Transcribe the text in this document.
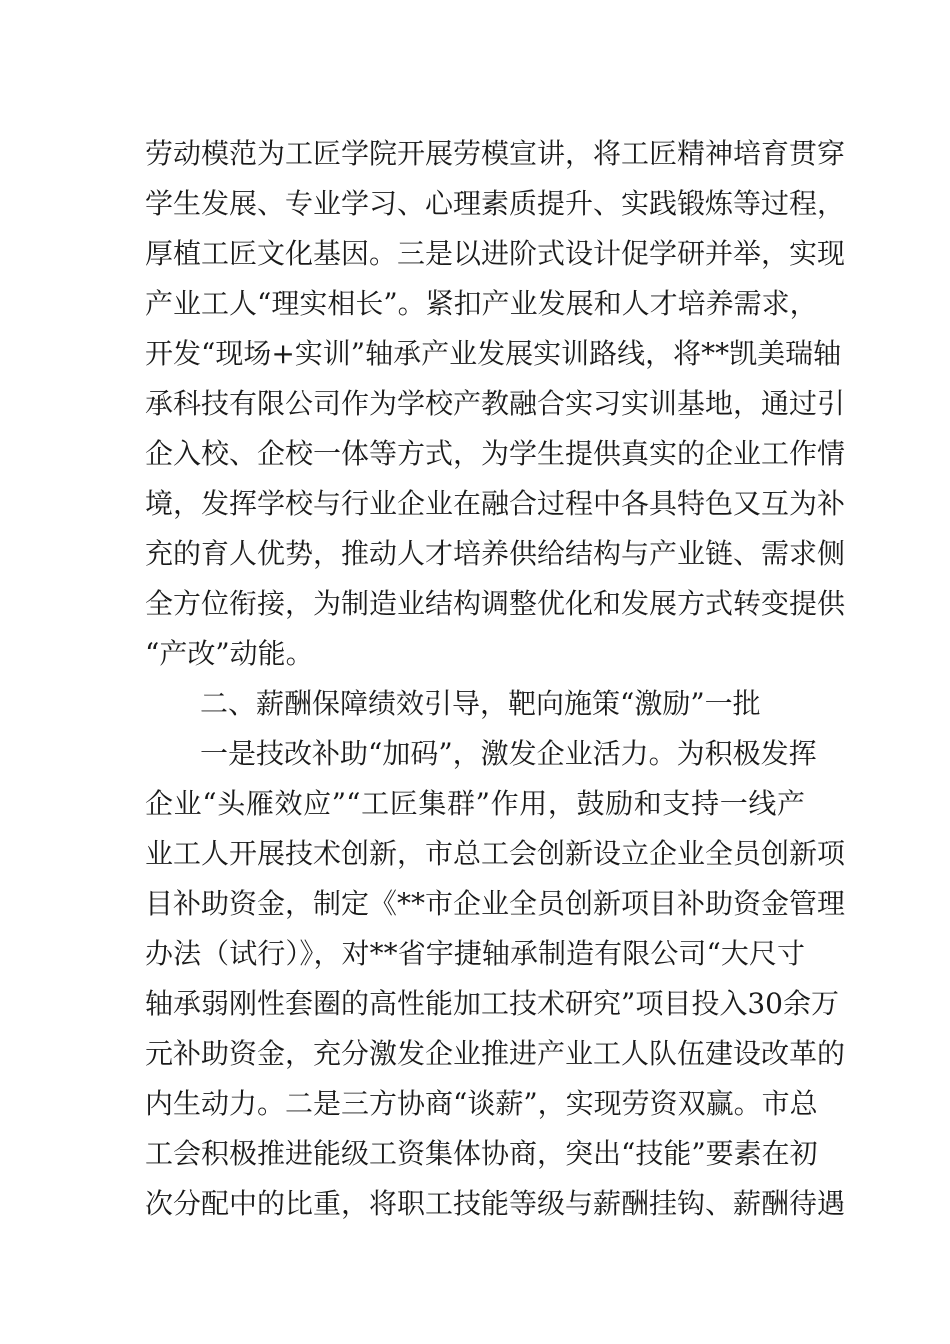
劳动模范为工匠学院开展劳模宣讲，将工匠精神培育贯穿
学生发展、专业学习、心理素质提升、实践锻炼等过程，
厚植工匠文化基因。三是以进阶式设计促学研并举，实现
产业工人“理实相长”。紧扣产业发展和人才培养需求，
开发“现场+实训”轴承产业发展实训路线，将**凯美瑞轴
承科技有限公司作为学校产教融合实习实训基地，通过引
企入校、企校一体等方式，为学生提供真实的企业工作情
境，发挥学校与行业企业在融合过程中各具特色又互为补
充的育人优势，推动人才培养供给结构与产业链、需求侧
全方位衔接，为制造业结构调整优化和发展方式转变提供
“产改”动能。
二、薪酬保障绩效引导，靶向施策“激励”一批
一是技改补助“加码”，激发企业活力。为积极发挥
企业“头雁效应”“工匠集群”作用，鼓励和支持一线产
业工人开展技术创新，市总工会创新设立企业全员创新项
目补助资金，制定《**市企业全员创新项目补助资金管理
办法（试行）》，对**省宇捷轴承制造有限公司“大尺寸
轴承弱刚性套圈的高性能加工技术研究”项目投入30余万
元补助资金，充分激发企业推进产业工人队伍建设改革的
内生动力。二是三方协商“谈薪”，实现劳资双赢。市总
工会积极推进能级工资集体协商，突出“技能”要素在初
次分配中的比重，将职工技能等级与薪酬挂钩、薪酬待遇
